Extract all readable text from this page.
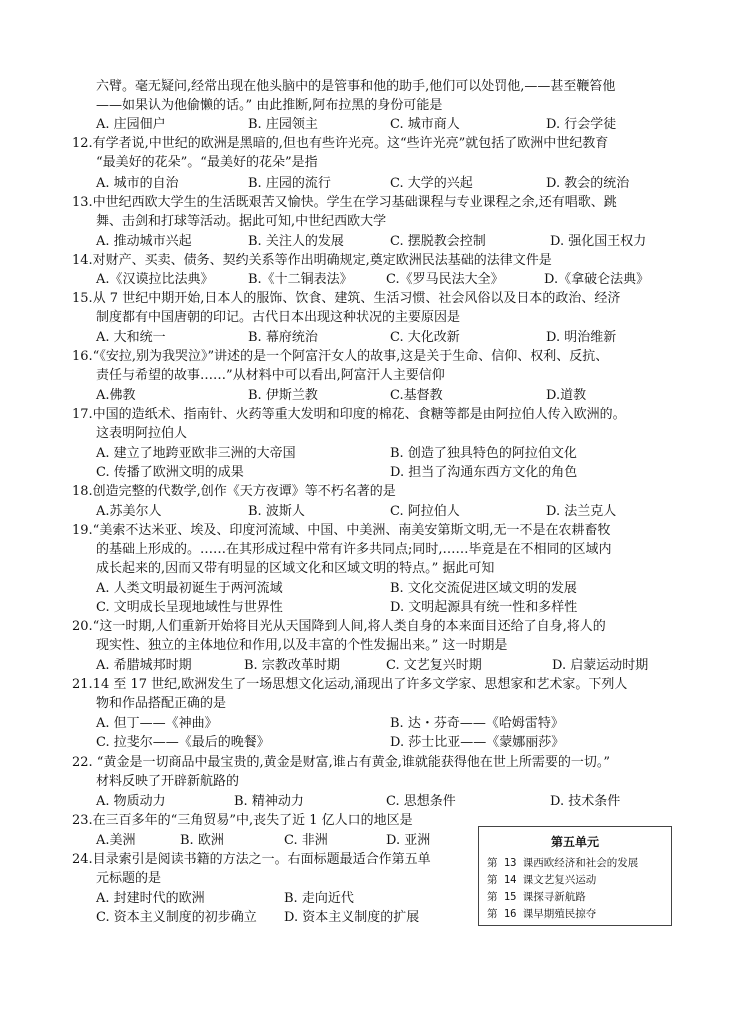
六臂。毫无疑问,经常出现在他头脑中的是管事和他的助手,他们可以处罚他,——甚至鞭笞他
——如果认为他偷懒的话。” 由此推断,阿布拉黑的身份可能是
A. 庄园佃户	B. 庄园领主	C. 城市商人	D. 行会学徒
12.有学者说,中世纪的欧洲是黑暗的,但也有些许光亮。这“些许光亮”就包括了欧洲中世纪教育
“最美好的花朵”。“最美好的花朵”是指
A. 城市的自治	B. 庄园的流行	C. 大学的兴起	D. 教会的统治
13.中世纪西欧大学生的生活既艰苦又愉快。学生在学习基础课程与专业课程之余,还有唱歌、跳
舞、击剑和打球等活动。据此可知,中世纪西欧大学
A. 推动城市兴起	B. 关注人的发展	C. 摆脱教会控制	D. 强化国王权力
14.对财产、买卖、债务、契约关系等作出明确规定,奠定欧洲民法基础的法律文件是
A.《汉谟拉比法典》	B.《十二铜表法》	C.《罗马民法大全》	D.《拿破仑法典》
15.从 7 世纪中期开始,日本人的服饰、饮食、建筑、生活习惯、社会风俗以及日本的政治、经济
制度都有中国唐朝的印记。古代日本出现这种状况的主要原因是
A. 大和统一	B. 幕府统治	C. 大化改新	D. 明治维新
16.“《安拉,别为我哭泣》”讲述的是一个阿富汗女人的故事,这是关于生命、信仰、权利、反抗、
责任与希望的故事……”从材料中可以看出,阿富汗人主要信仰
A.佛教	B. 伊斯兰教	C.基督教	D.道教
17.中国的造纸术、指南针、火药等重大发明和印度的棉花、食糖等都是由阿拉伯人传入欧洲的。
这表明阿拉伯人
A. 建立了地跨亚欧非三洲的大帝国	B. 创造了独具特色的阿拉伯文化
C. 传播了欧洲文明的成果	D. 担当了沟通东西方文化的角色
18.创造完整的代数学,创作《天方夜谭》等不朽名著的是
A.苏美尔人	B. 波斯人	C. 阿拉伯人	D. 法兰克人
19.“美索不达米亚、埃及、印度河流域、中国、中美洲、南美安第斯文明,无一不是在农耕畜牧
的基础上形成的。……在其形成过程中常有许多共同点;同时,……毕竟是在不相同的区域内
成长起来的,因而又带有明显的区域文化和区域文明的特点。” 据此可知
A. 人类文明最初诞生于两河流域	B. 文化交流促进区域文明的发展
C. 文明成长呈现地域性与世界性	D. 文明起源具有统一性和多样性
20.“这一时期,人们重新开始将目光从天国降到人间,将人类自身的本来面目还给了自身,将人的
现实性、独立的主体地位和作用,以及丰富的个性发掘出来。” 这一时期是
A. 希腊城邦时期	B. 宗教改革时期	C. 文艺复兴时期	D. 启蒙运动时期
21.14 至 17 世纪,欧洲发生了一场思想文化运动,涌现出了许多文学家、思想家和艺术家。下列人
物和作品搭配正确的是
A. 但丁——《神曲》	B. 达・芬奇——《哈姆雷特》
C. 拉斐尔——《最后的晚餐》	D. 莎士比亚——《蒙娜丽莎》
22. “黄金是一切商品中最宝贵的,黄金是财富,谁占有黄金,谁就能获得他在世上所需要的一切。”
材料反映了开辟新航路的
A. 物质动力	B. 精神动力	C. 思想条件	D. 技术条件
23.在三百多年的“三角贸易”中,丧失了近 1 亿人口的地区是
A.美洲	B. 欧洲	C. 非洲	D. 亚洲
24.目录索引是阅读书籍的方法之一。右面标题最适合作第五单
元标题的是
A. 封建时代的欧洲	B. 走向近代
C. 资本主义制度的初步确立 D. 资本主义制度的扩展
第五单元
第 13 课西欧经济和社会的发展
第 14 课文艺复兴运动
第 15 课探寻新航路
第 16 课早期殖民掠夺
